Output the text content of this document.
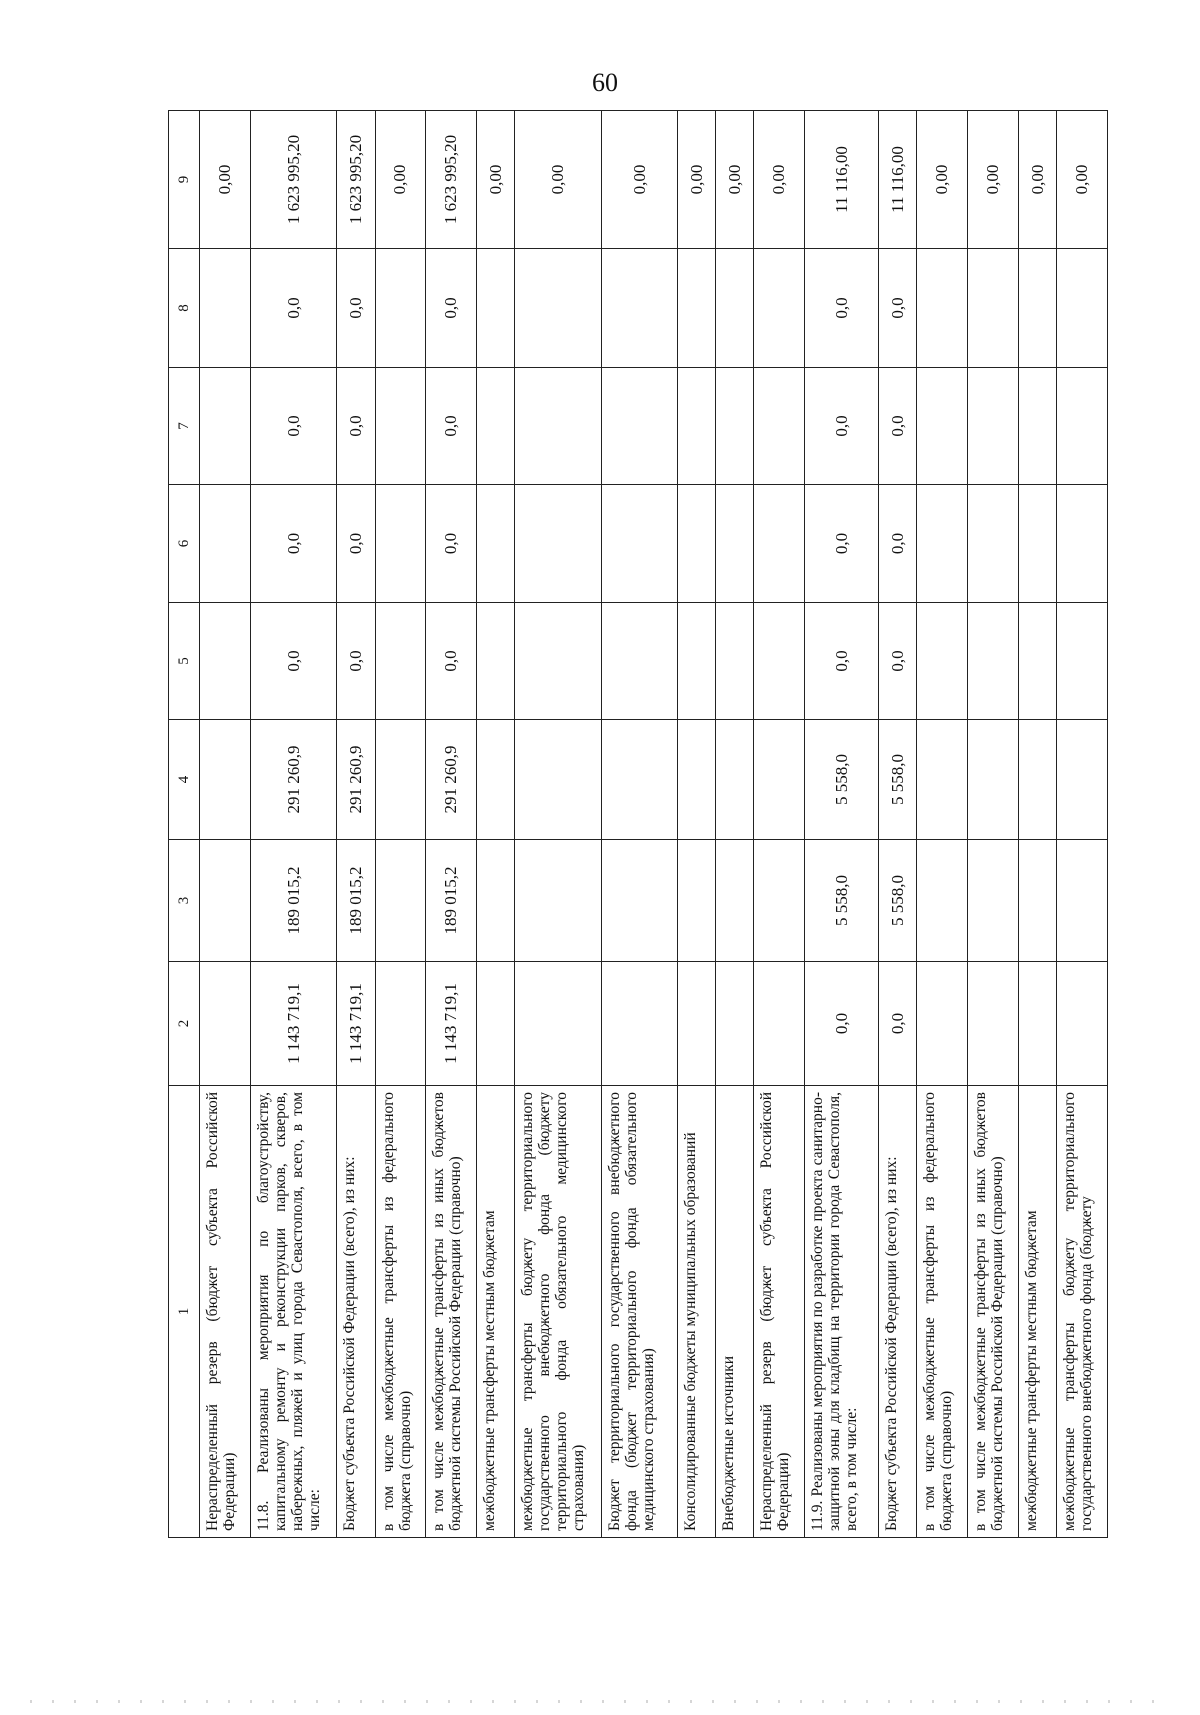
60
1	2	3	4	5	6	7	8	9
Нераспределенный резерв (бюджет субъекта Российской Федерации)								0,00
11.8. Реализованы мероприятия по благоустройству, капитальному ремонту и реконструкции парков, скверов, набережных, пляжей и улиц города Севастополя, всего, в том числе:	1 143 719,1	189 015,2	291 260,9	0,0	0,0	0,0	0,0	1 623 995,20
Бюджет субъекта Российской Федерации (всего), из них:	1 143 719,1	189 015,2	291 260,9	0,0	0,0	0,0	0,0	1 623 995,20
в том числе межбюджетные трансферты из федерального бюджета (справочно)								0,00
в том числе межбюджетные трансферты из иных бюджетов бюджетной системы Российской Федерации (справочно)	1 143 719,1	189 015,2	291 260,9	0,0	0,0	0,0	0,0	1 623 995,20
межбюджетные трансферты местным бюджетам								0,00
межбюджетные трансферты бюджету территориального государственного внебюджетного фонда (бюджету территориального фонда обязательного медицинского страхования)								0,00
Бюджет территориального государственного внебюджетного фонда (бюджет территориального фонда обязательного медицинского страхования)								0,00
Консолидированные бюджеты муниципальных образований								0,00
Внебюджетные источники								0,00
Нераспределенный резерв (бюджет субъекта Российской Федерации)								0,00
11.9. Реализованы мероприятия по разработке проекта санитарно-защитной зоны для кладбищ на территории города Севастополя, всего, в том числе:	0,0	5 558,0	5 558,0	0,0	0,0	0,0	0,0	11 116,00
Бюджет субъекта Российской Федерации (всего), из них:	0,0	5 558,0	5 558,0	0,0	0,0	0,0	0,0	11 116,00
в том числе межбюджетные трансферты из федерального бюджета (справочно)								0,00
в том числе межбюджетные трансферты из иных бюджетов бюджетной системы Российской Федерации (справочно)								0,00
межбюджетные трансферты местным бюджетам								0,00
межбюджетные трансферты бюджету территориального государственного внебюджетного фонда (бюджету								0,00
